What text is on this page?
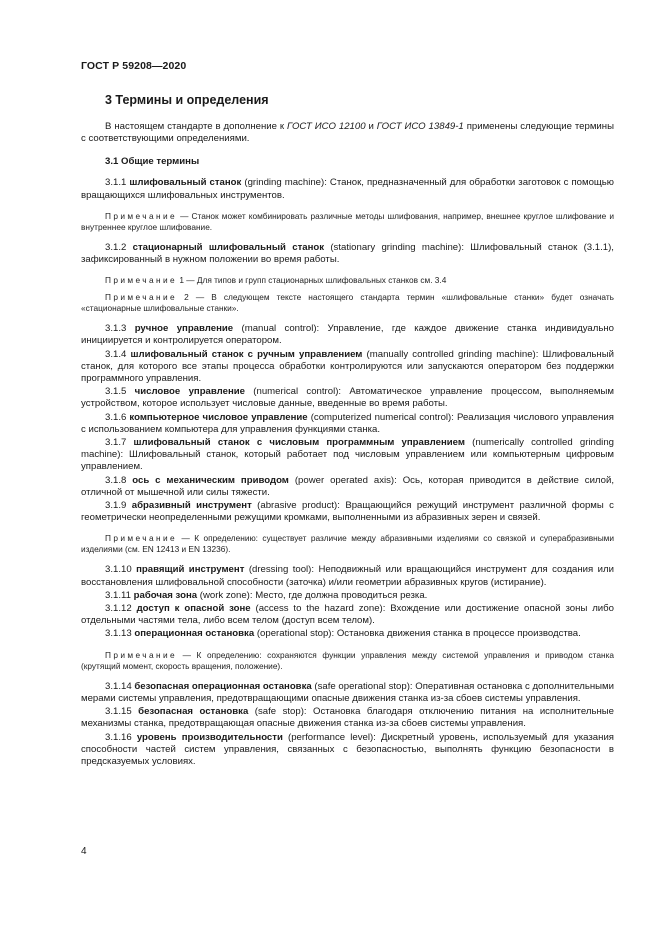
ГОСТ Р 59208—2020
3 Термины и определения

В настоящем стандарте в дополнение к ГОСТ ИСО 12100 и ГОСТ ИСО 13849-1 применены следующие термины с соответствующими определениями.

3.1 Общие термины

3.1.1 шлифовальный станок (grinding machine): Станок, предназначенный для обработки заготовок с помощью вращающихся шлифовальных инструментов.

Примечание — Станок может комбинировать различные методы шлифования, например, внешнее круглое шлифование и внутреннее круглое шлифование.

3.1.2 стационарный шлифовальный станок (stationary grinding machine): Шлифовальный станок (3.1.1), зафиксированный в нужном положении во время работы.

Примечание 1 — Для типов и групп стационарных шлифовальных станков см. 3.4

Примечание 2 — В следующем тексте настоящего стандарта термин «шлифовальные станки» будет означать «стационарные шлифовальные станки».

3.1.3 ручное управление (manual control): Управление, где каждое движение станка индивидуально инициируется и контролируется оператором.

3.1.4 шлифовальный станок с ручным управлением (manually controlled grinding machine): Шлифовальный станок, для которого все этапы процесса обработки контролируются или запускаются оператором без поддержки программного управления.

3.1.5 числовое управление (numerical control): Автоматическое управление процессом, выполняемым устройством, которое использует числовые данные, введенные во время работы.

3.1.6 компьютерное числовое управление (computerized numerical control): Реализация числового управления с использованием компьютера для управления функциями станка.

3.1.7 шлифовальный станок с числовым программным управлением (numerically controlled grinding machine): Шлифовальный станок, который работает под числовым управлением или компьютерным цифровым управлением.

3.1.8 ось с механическим приводом (power operated axis): Ось, которая приводится в действие силой, отличной от мышечной или силы тяжести.

3.1.9 абразивный инструмент (abrasive product): Вращающийся режущий инструмент различной формы с геометрически неопределенными режущими кромками, выполненными из абразивных зерен и связей.

Примечание — К определению: существует различие между абразивными изделиями со связкой и суперабразивными изделиями (см. EN 12413 и EN 13236).

3.1.10 правящий инструмент (dressing tool): Неподвижный или вращающийся инструмент для создания или восстановления шлифовальной способности (заточка) и/или геометрии абразивных кругов (истирание).

3.1.11 рабочая зона (work zone): Место, где должна проводиться резка.

3.1.12 доступ к опасной зоне (access to the hazard zone): Вхождение или достижение опасной зоны либо отдельными частями тела, либо всем телом (доступ всем телом).

3.1.13 операционная остановка (operational stop): Остановка движения станка в процессе производства.

Примечание — К определению: сохраняются функции управления между системой управления и приводом станка (крутящий момент, скорость вращения, положение).

3.1.14 безопасная операционная остановка (safe operational stop): Оперативная остановка с дополнительными мерами системы управления, предотвращающими опасные движения станка из-за сбоев системы управления.

3.1.15 безопасная остановка (safe stop): Остановка благодаря отключению питания на исполнительные механизмы станка, предотвращающая опасные движения станка из-за сбоев системы управления.

3.1.16 уровень производительности (performance level): Дискретный уровень, используемый для указания способности частей систем управления, связанных с безопасностью, выполнять функцию безопасности в предсказуемых условиях.

4
